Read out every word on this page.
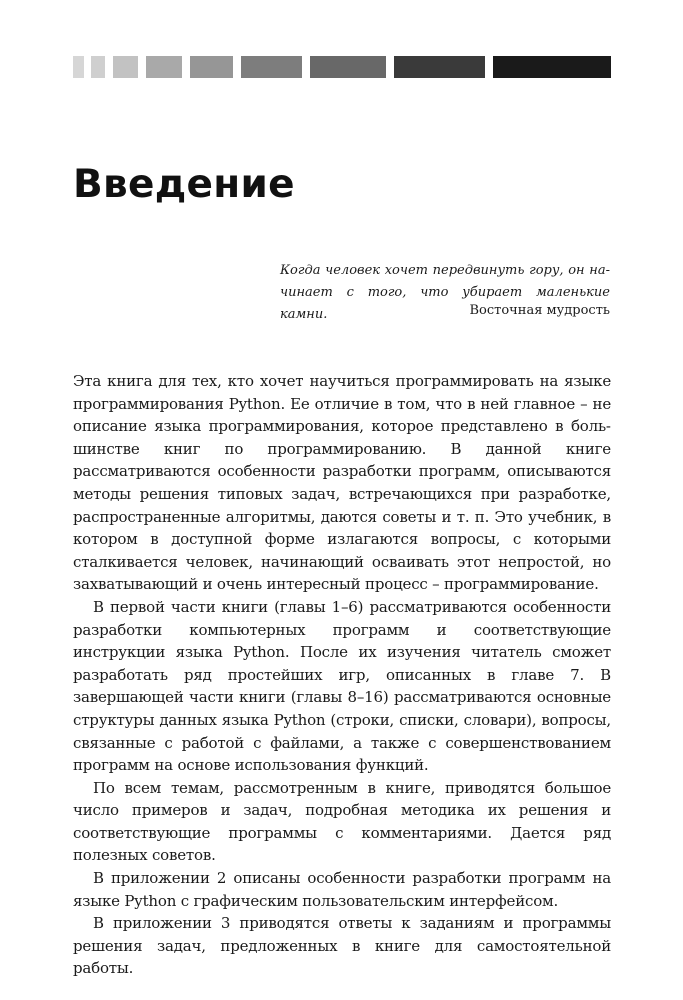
Введение

Когда человек хочет передвинуть гору, он начинает с того, что убирает маленькие камни.	Восточная мудрость

Эта книга для тех, кто хочет научиться программировать на языке программирования Python. Ее отличие в том, что в ней главное – не описание языка программирования, которое представлено в большинстве книг по программированию. В данной книге рассматриваются особенности разработки программ, описываются методы решения типовых задач, встречающихся при разработке, распространенные алгоритмы, даются советы и т. п. Это учебник, в котором в доступной форме излагаются вопросы, с которыми сталкивается человек, начинающий осваивать этот непростой, но захватывающий и очень интересный процесс – программирование.

В первой части книги (главы 1–6) рассматриваются особенности разработки компьютерных программ и соответствующие инструкции языка Python. После их изучения читатель сможет разработать ряд простейших игр, описанных в главе 7. В завершающей части книги (главы 8–16) рассматриваются основные структуры данных языка Python (строки, списки, словари), вопросы, связанные с работой с файлами, а также с совершенствованием программ на основе использования функций.

По всем темам, рассмотренным в книге, приводятся большое число примеров и задач, подробная методика их решения и соответствующие программы с комментариями. Дается ряд полезных советов.

В приложении 2 описаны особенности разработки программ на языке Python с графическим пользовательским интерфейсом.

В приложении 3 приводятся ответы к заданиям и программы решения задач, предложенных в книге для самостоятельной работы.
